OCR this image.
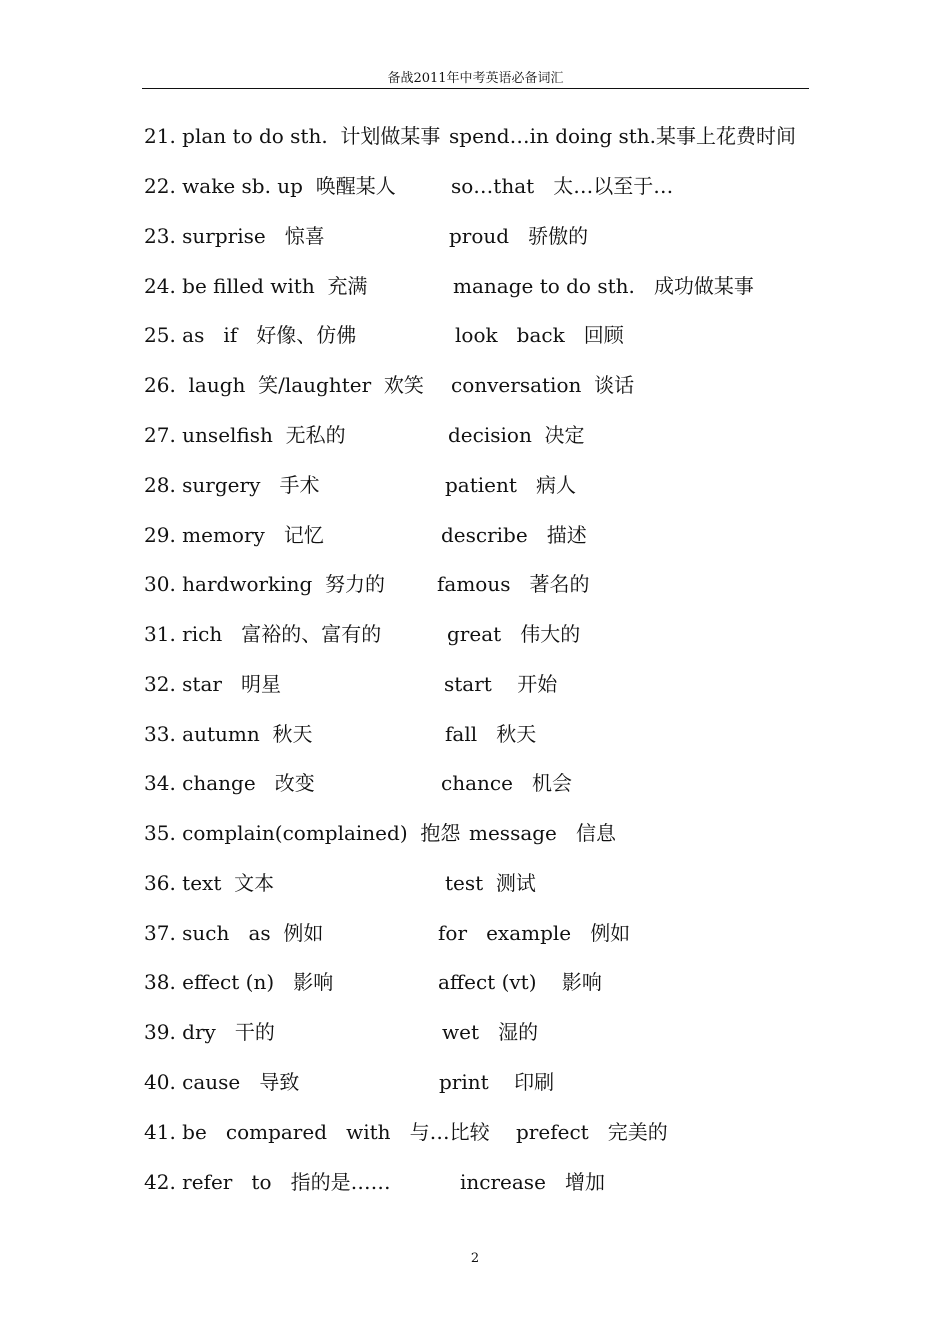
备战2011年中考英语必备词汇
21. plan to do sth.  计划做某事 spend…in doing sth.某事上花费时间
22. wake sb. up  唤醒某人	so…that   太…以至于…
23. surprise   惊喜	proud   骄傲的
24. be filled with  充满	manage to do sth.   成功做某事
25. as   if   好像、仿佛	look   back   回顾
26.  laugh  笑/laughter  欢笑 conversation  谈话
27. unselfish  无私的	decision  决定
28. surgery   手术	patient   病人
29. memory   记忆	describe   描述
30. hardworking  努力的	famous   著名的
31. rich   富裕的、富有的	great   伟大的
32. star   明星	start    开始
33. autumn  秋天	fall   秋天
34. change   改变	chance   机会
35. complain(complained)  抱怨 message   信息
36. text  文本	test  测试
37. such   as  例如	for   example   例如
38. effect (n)   影响	affect (vt)    影响
39. dry   干的	wet   湿的
40. cause   导致	print    印刷
41. be   compared   with   与…比较 prefect   完美的
42. refer   to   指的是……	increase   增加
2
